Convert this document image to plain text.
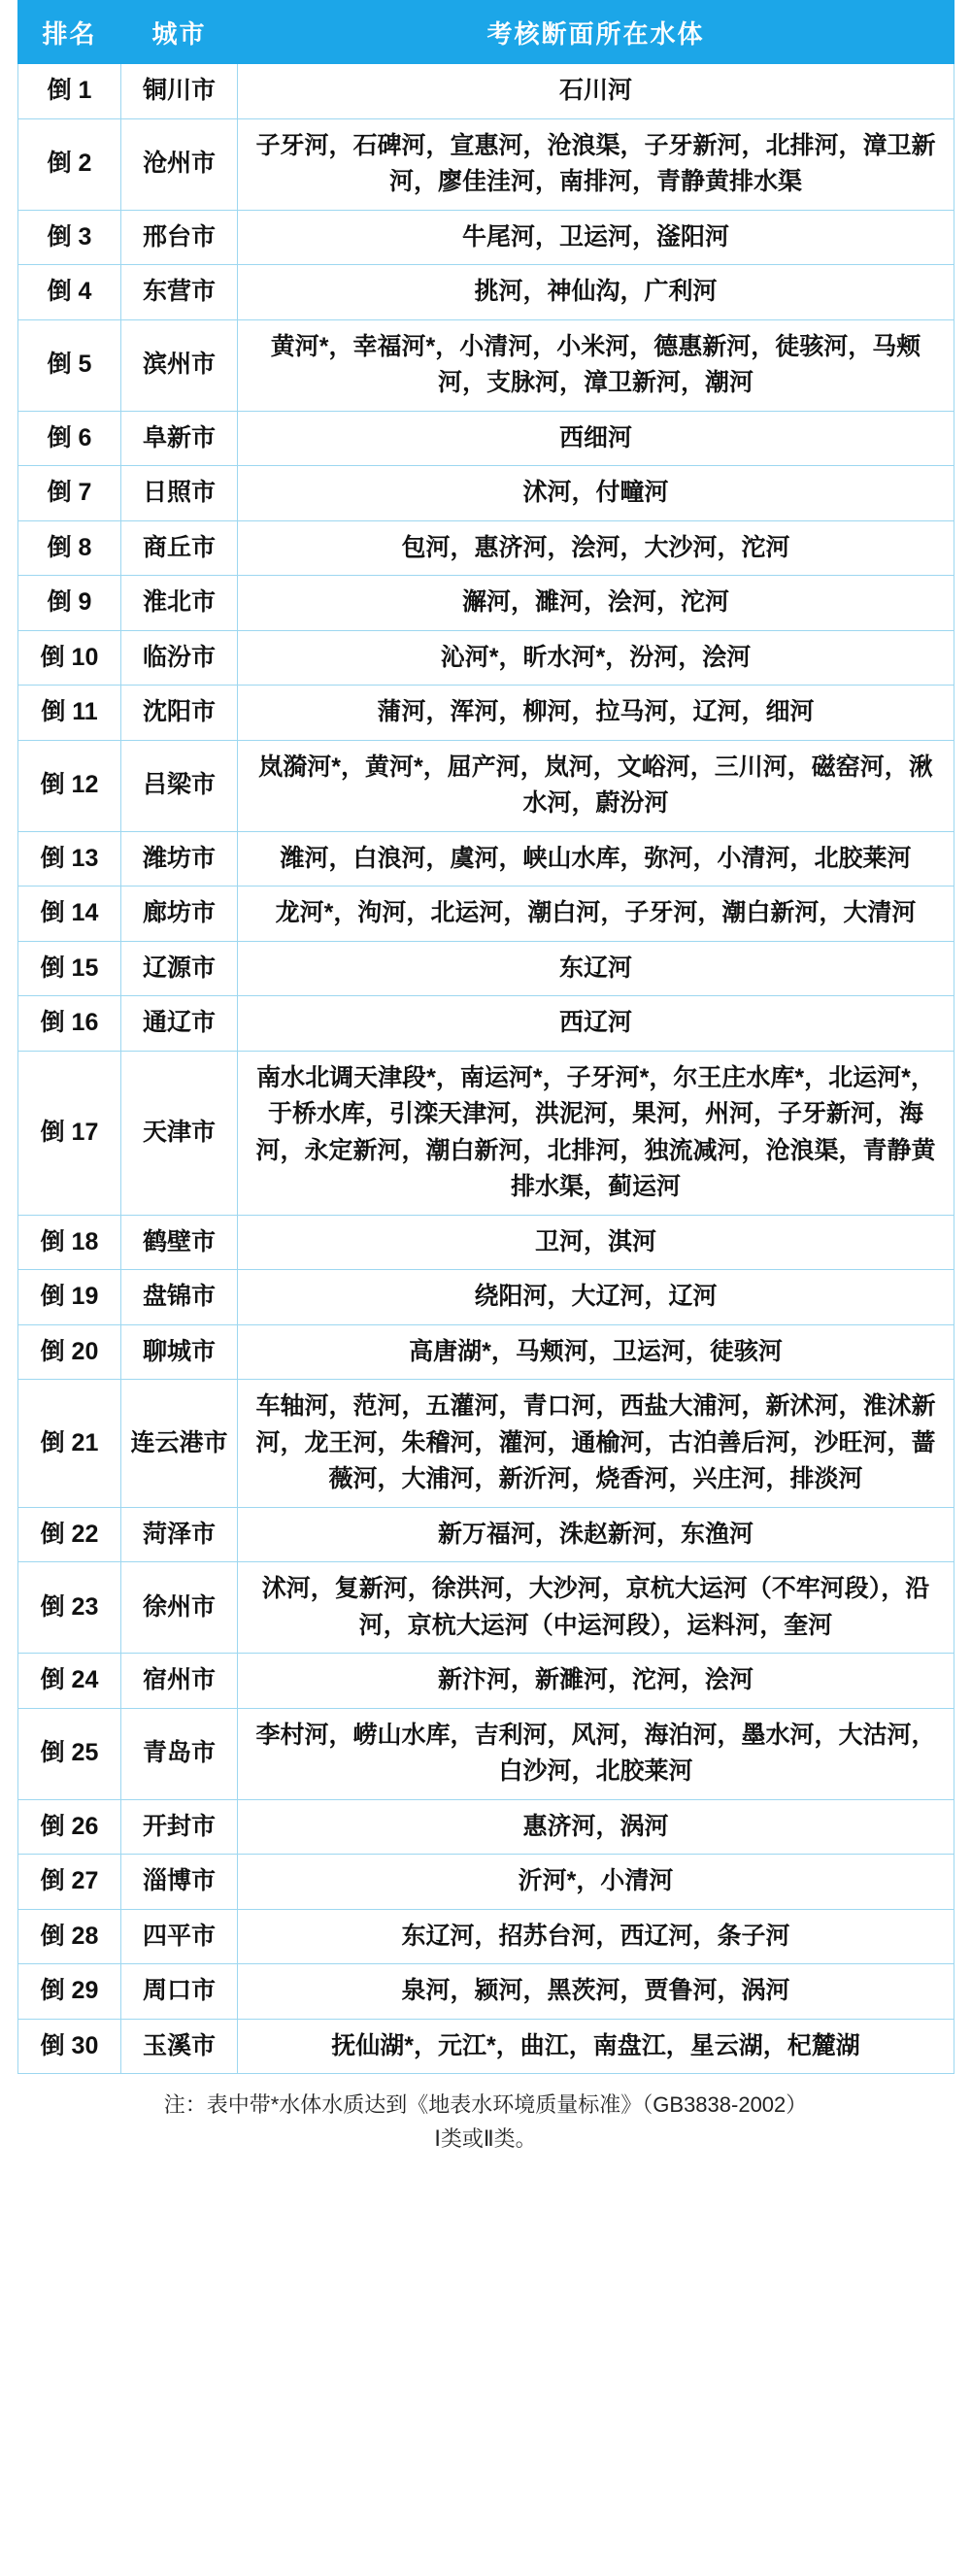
排名	城市	考核断面所在水体
倒 1	铜川市	石川河
倒 2	沧州市	子牙河，石碑河，宣惠河，沧浪渠，子牙新河，北排河，漳卫新河，廖佳洼河，南排河，青静黄排水渠
倒 3	邢台市	牛尾河，卫运河，滏阳河
倒 4	东营市	挑河，神仙沟，广利河
倒 5	滨州市	黄河*，幸福河*，小清河，小米河，德惠新河，徒骇河，马颊河，支脉河，漳卫新河，潮河
倒 6	阜新市	西细河
倒 7	日照市	沭河，付疃河
倒 8	商丘市	包河，惠济河，浍河，大沙河，沱河
倒 9	淮北市	澥河，濉河，浍河，沱河
倒 10	临汾市	沁河*，昕水河*，汾河，浍河
倒 11	沈阳市	蒲河，浑河，柳河，拉马河，辽河，细河
倒 12	吕梁市	岚漪河*，黄河*，屈产河，岚河，文峪河，三川河，磁窑河，湫水河，蔚汾河
倒 13	潍坊市	潍河，白浪河，虞河，峡山水库，弥河，小清河，北胶莱河
倒 14	廊坊市	龙河*，泃河，北运河，潮白河，子牙河，潮白新河，大清河
倒 15	辽源市	东辽河
倒 16	通辽市	西辽河
倒 17	天津市	南水北调天津段*，南运河*，子牙河*，尔王庄水库*，北运河*，于桥水库，引滦天津河，洪泥河，果河，州河，子牙新河，海河，永定新河，潮白新河，北排河，独流减河，沧浪渠，青静黄排水渠，蓟运河
倒 18	鹤壁市	卫河，淇河
倒 19	盘锦市	绕阳河，大辽河，辽河
倒 20	聊城市	高唐湖*，马颊河，卫运河，徒骇河
倒 21	连云港市	车轴河，范河，五灌河，青口河，西盐大浦河，新沭河，淮沭新河，龙王河，朱稽河，灌河，通榆河，古泊善后河，沙旺河，蔷薇河，大浦河，新沂河，烧香河，兴庄河，排淡河
倒 22	菏泽市	新万福河，洙赵新河，东渔河
倒 23	徐州市	沭河，复新河，徐洪河，大沙河，京杭大运河（不牢河段），沿河，京杭大运河（中运河段），运料河，奎河
倒 24	宿州市	新汴河，新濉河，沱河，浍河
倒 25	青岛市	李村河，崂山水库，吉利河，风河，海泊河，墨水河，大沽河，白沙河，北胶莱河
倒 26	开封市	惠济河，涡河
倒 27	淄博市	沂河*，小清河
倒 28	四平市	东辽河，招苏台河，西辽河，条子河
倒 29	周口市	泉河，颍河，黑茨河，贾鲁河，涡河
倒 30	玉溪市	抚仙湖*，元江*，曲江，南盘江，星云湖，杞麓湖
注：表中带*水体水质达到《地表水环境质量标准》（GB3838-2002）
Ⅰ类或Ⅱ类。
